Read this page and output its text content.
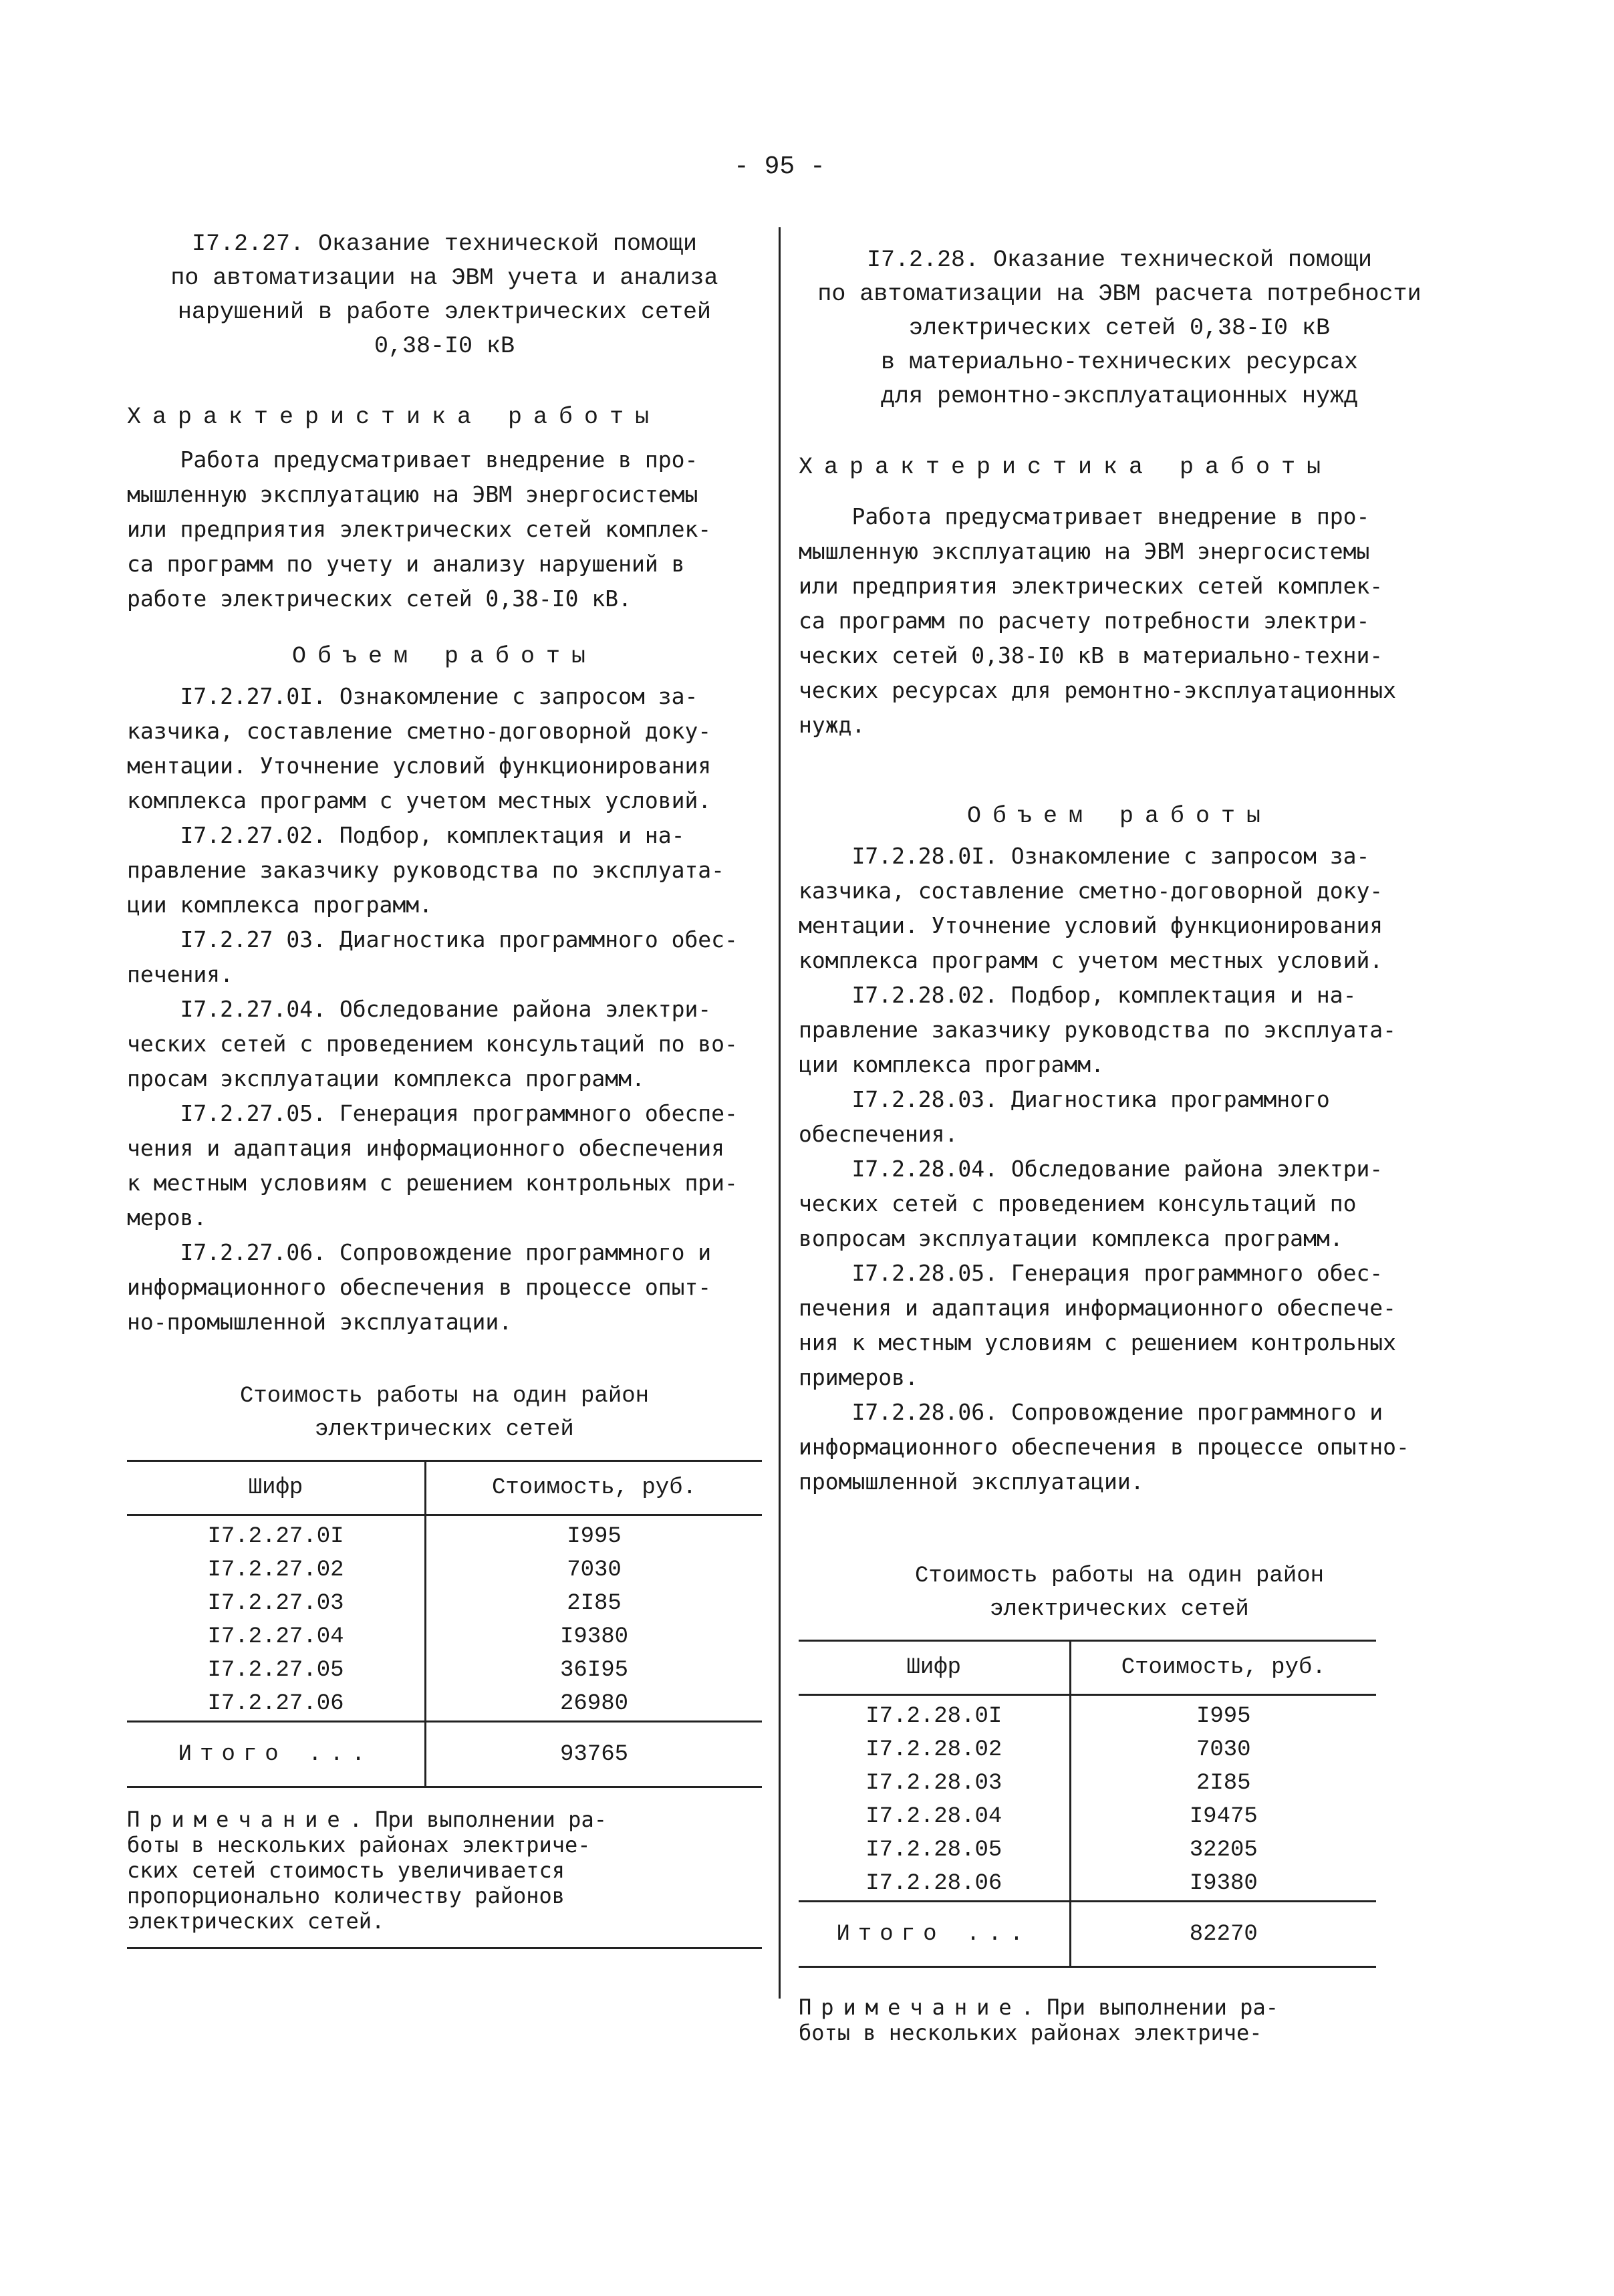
- 95 -
I7.2.27. Оказание технической помощи
по автоматизации на ЭВМ учета и анализа
нарушений в работе электрических сетей
0,38-I0 кВ
Характеристика работы
Работа предусматривает внедрение в про-
мышленную эксплуатацию на ЭВМ энергосистемы
или предприятия электрических сетей комплек-
са программ по учету и анализу нарушений в
работе электрических сетей 0,38-I0 кВ.
Объем работы
I7.2.27.0I. Ознакомление с запросом за-
казчика, составление сметно-договорной доку-
ментации. Уточнение условий функционирования
комплекса программ с учетом местных условий.
I7.2.27.02. Подбор, комплектация и на-
правление заказчику руководства по эксплуата-
ции комплекса программ.
I7.2.27 03. Диагностика программного обес-
печения.
I7.2.27.04. Обследование района электри-
ческих сетей с проведением консультаций по во-
просам эксплуатации комплекса программ.
I7.2.27.05. Генерация программного обеспе-
чения и адаптация информационного обеспечения
к местным условиям с решением контрольных при-
меров.
I7.2.27.06. Сопровождение программного и
информационного обеспечения в процессе опыт-
но-промышленной эксплуатации.
Стоимость работы на один район
электрических сетей
Шифр	Стоимость, руб.
I7.2.27.0I	I995
I7.2.27.02	7030
I7.2.27.03	2I85
I7.2.27.04	I9380
I7.2.27.05	36I95
I7.2.27.06	26980
Итого ...	93765
Примечание. При выполнении ра-
боты в нескольких районах электриче-
ских сетей стоимость увеличивается
пропорционально количеству районов
электрических сетей.
I7.2.28. Оказание технической помощи
по автоматизации на ЭВМ расчета потребности
электрических сетей 0,38-I0 кВ
в материально-технических ресурсах
для ремонтно-эксплуатационных нужд
Характеристика работы
Работа предусматривает внедрение в про-
мышленную эксплуатацию на ЭВМ энергосистемы
или предприятия электрических сетей комплек-
са программ по расчету потребности электри-
ческих сетей 0,38-I0 кВ в материально-техни-
ческих ресурсах для ремонтно-эксплуатационных
нужд.
Объем работы
I7.2.28.0I. Ознакомление с запросом за-
казчика, составление сметно-договорной доку-
ментации. Уточнение условий функционирования
комплекса программ с учетом местных условий.
I7.2.28.02. Подбор, комплектация и на-
правление заказчику руководства по эксплуата-
ции комплекса программ.
I7.2.28.03. Диагностика программного
обеспечения.
I7.2.28.04. Обследование района электри-
ческих сетей с проведением консультаций по
вопросам эксплуатации комплекса программ.
I7.2.28.05. Генерация программного обес-
печения и адаптация информационного обеспече-
ния к местным условиям с решением контрольных
примеров.
I7.2.28.06. Сопровождение программного и
информационного обеспечения в процессе опытно-
промышленной эксплуатации.
Стоимость работы на один район
электрических сетей
Шифр	Стоимость, руб.
I7.2.28.0I	I995
I7.2.28.02	7030
I7.2.28.03	2I85
I7.2.28.04	I9475
I7.2.28.05	32205
I7.2.28.06	I9380
Итого ...	82270
Примечание. При выполнении ра-
боты в нескольких районах электриче-
